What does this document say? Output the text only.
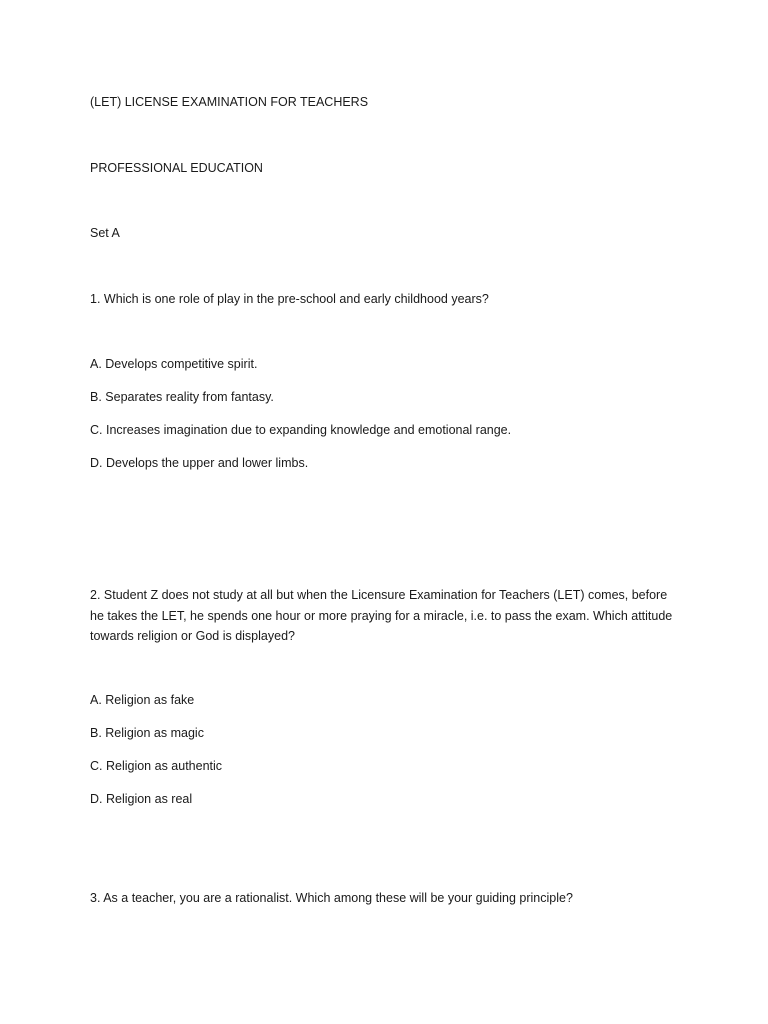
(LET) LICENSE EXAMINATION FOR TEACHERS
PROFESSIONAL EDUCATION
Set A
1. Which is one role of play in the pre-school and early childhood years?
A. Develops competitive spirit.
B. Separates reality from fantasy.
C. Increases imagination due to expanding knowledge and emotional range.
D. Develops the upper and lower limbs.
2. Student Z does not study at all but when the Licensure Examination for Teachers (LET) comes, before he takes the LET, he spends one hour or more praying for a miracle, i.e. to pass the exam. Which attitude towards religion or God is displayed?
A. Religion as fake
B. Religion as magic
C. Religion as authentic
D. Religion as real
3. As a teacher, you are a rationalist. Which among these will be your guiding principle?
